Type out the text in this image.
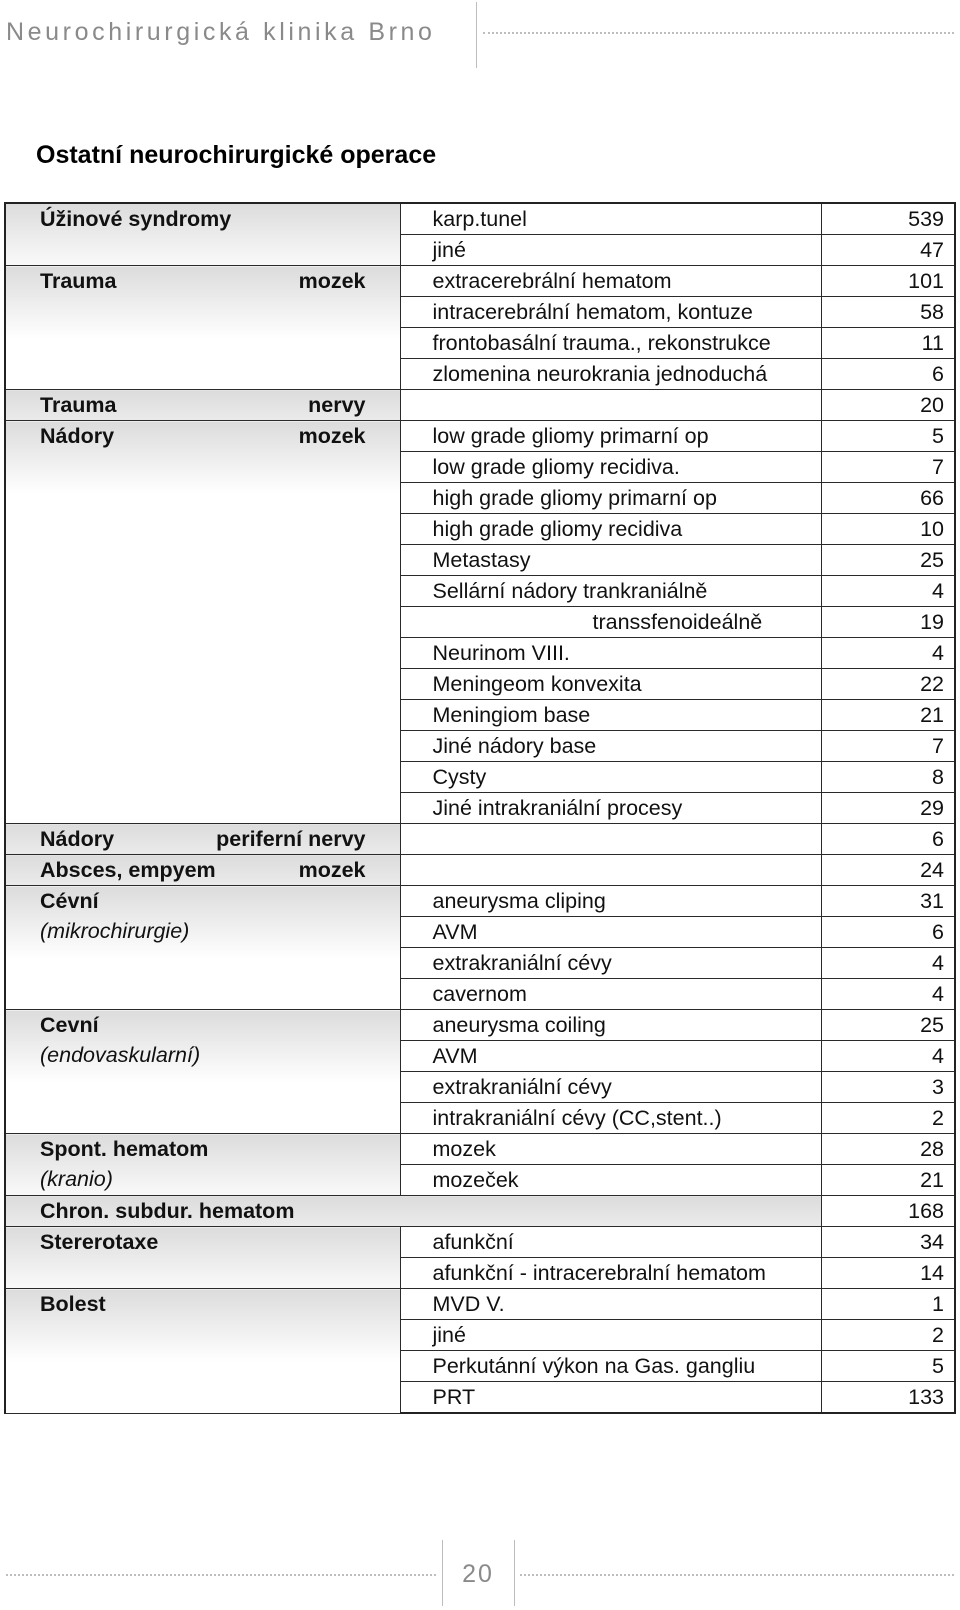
Neurochirurgická klinika Brno
Ostatní neurochirurgické operace
Úžinové syndromy	karp.tunel	539
	jiné	47

Trauma mozek	extracerebrální hematom	101
	intracerebrální hematom, kontuze	58
	frontobasální trauma., rekonstrukce	11
	zlomenina neurokrania jednoduchá	6

Trauma nervy		20

Nádory mozek	low grade gliomy primarní op	5
	low grade gliomy recidiva.	7
	high grade gliomy primarní op	66
	high grade gliomy recidiva	10
	Metastasy	25
	Sellární nádory trankraniálně	4
	transsfenoideálně	19
	Neurinom VIII.	4
	Meningeom konvexita	22
	Meningiom base	21
	Jiné nádory base	7
	Cysty	8
	Jiné intrakraniální procesy	29

Nádory periferní nervy		6

Absces, empyem mozek		24

Cévní
(mikrochirurgie)	aneurysma cliping	31
	AVM	6
	extrakraniální cévy	4
	cavernom	4

Cevní
(endovaskularní)	aneurysma coiling	25
	AVM	4
	extrakraniální cévy	3
	intrakraniální cévy (CC,stent..)	2

Spont. hematom
(kranio)	mozek	28
	mozeček	21

Chron. subdur. hematom		168

Stererotaxe	afunkční	34
	afunkční - intracerebralní hematom	14

Bolest	MVD V.	1
	jiné	2
	Perkutánní výkon na Gas. gangliu	5
	PRT	133
20
